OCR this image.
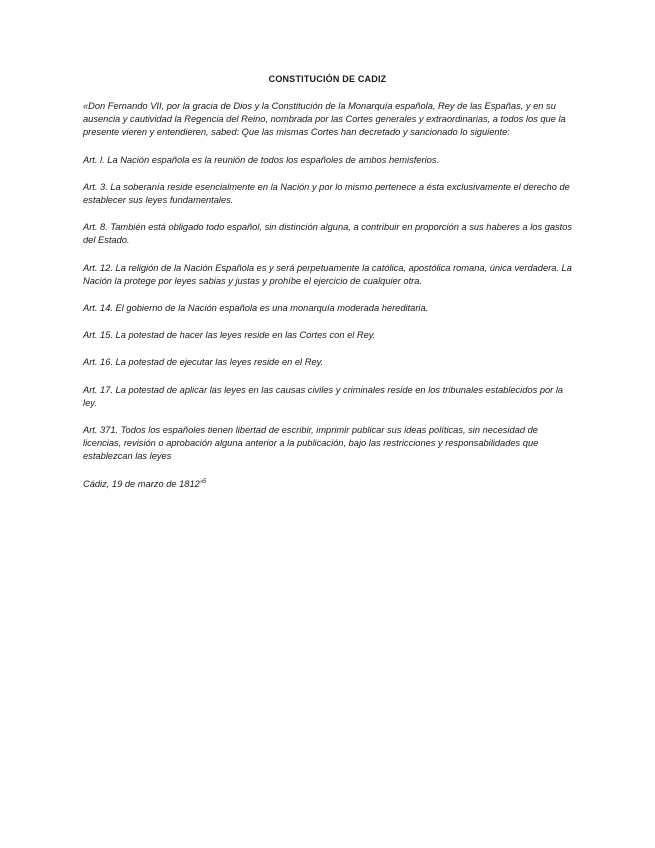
CONSTITUCIÓN DE CADIZ

«Don Fernando VII, por la gracia de Dios y la Constitución de la Monarquía española, Rey de las Españas, y en su ausencia y cautividad la Regencia del Reino, nombrada por las Cortes generales y extraordinarias, a todos los que la presente vieren y entendieren, sabed: Que las mismas Cortes han decretado y sancionado lo siguiente:

Art. l. La Nación española es la reunión de todos los españoles de ambos hemisferios.

Art. 3. La soberanía reside esencialmente en la Nación y por lo mismo pertenece a ésta exclusivamente el derecho de establecer sus leyes fundamentales.

Art. 8. También está obligado todo español, sin distinción alguna, a contribuir en proporción a sus haberes a los gastos del Estado.

Art. 12. La religión de la Nación Española es y será perpetuamente la católica, apostólica romana, única verdadera. La Nación la protege por leyes sabias y justas y prohíbe el ejercicio de cualquier otra.

Art. 14. El gobierno de la Nación española es una monarquía moderada hereditaria.

Art. 15. La potestad de hacer las leyes reside en las Cortes con el Rey.

Art. 16. La potestad de ejecutar las leyes reside en el Rey.

Art. 17. La potestad de aplicar las leyes en las causas civiles y criminales reside en los tribunales establecidos por la ley.

Art. 371. Todos los españoles tienen libertad de escribir, imprimir publicar sus ideas políticas, sin necesidad de licencias, revisión o aprobación alguna anterior a la publicación, bajo las restricciones y responsabilidades que establezcan las leyes

Cádiz, 19 de marzo de 1812”$^5$
